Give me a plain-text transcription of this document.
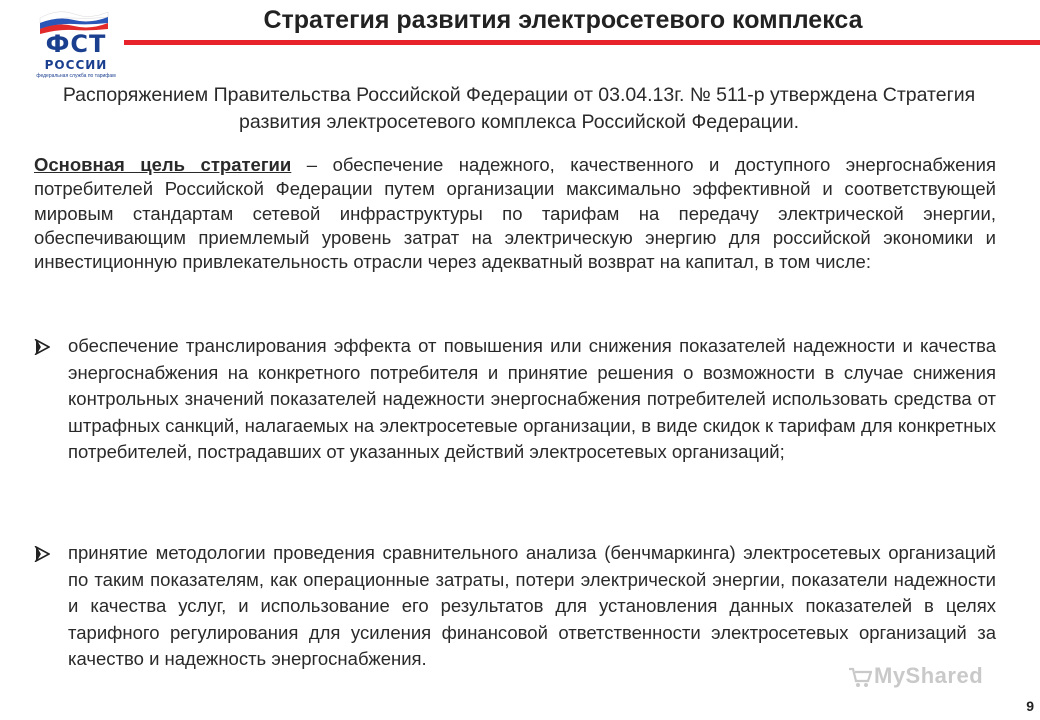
ФСТ
РОССИИ
федеральная служба по тарифам
Стратегия развития электросетевого комплекса
Распоряжением Правительства Российской Федерации от 03.04.13г. № 511-р утверждена Стратегия развития электросетевого комплекса Российской Федерации.
Основная цель стратегии – обеспечение надежного, качественного и доступного энергоснабжения потребителей Российской Федерации путем организации максимально эффективной и соответствующей мировым стандартам сетевой инфраструктуры по тарифам на передачу электрической энергии, обеспечивающим приемлемый уровень затрат на электрическую энергию для российской экономики и инвестиционную привлекательность отрасли через адекватный возврат на капитал, в том числе:
обеспечение транслирования эффекта от повышения или снижения показателей надежности и качества энергоснабжения на конкретного потребителя и принятие решения о возможности в случае снижения контрольных значений показателей надежности энергоснабжения потребителей использовать средства от штрафных санкций, налагаемых на электросетевые организации, в виде скидок к тарифам для конкретных потребителей, пострадавших от указанных действий электросетевых организаций;
принятие методологии проведения сравнительного анализа (бенчмаркинга) электросетевых организаций по таким показателям, как операционные затраты, потери электрической энергии, показатели надежности и качества услуг, и использование его результатов для установления данных показателей в целях тарифного регулирования для усиления финансовой ответственности электросетевых организаций за качество и надежность энергоснабжения.
MyShared
9
